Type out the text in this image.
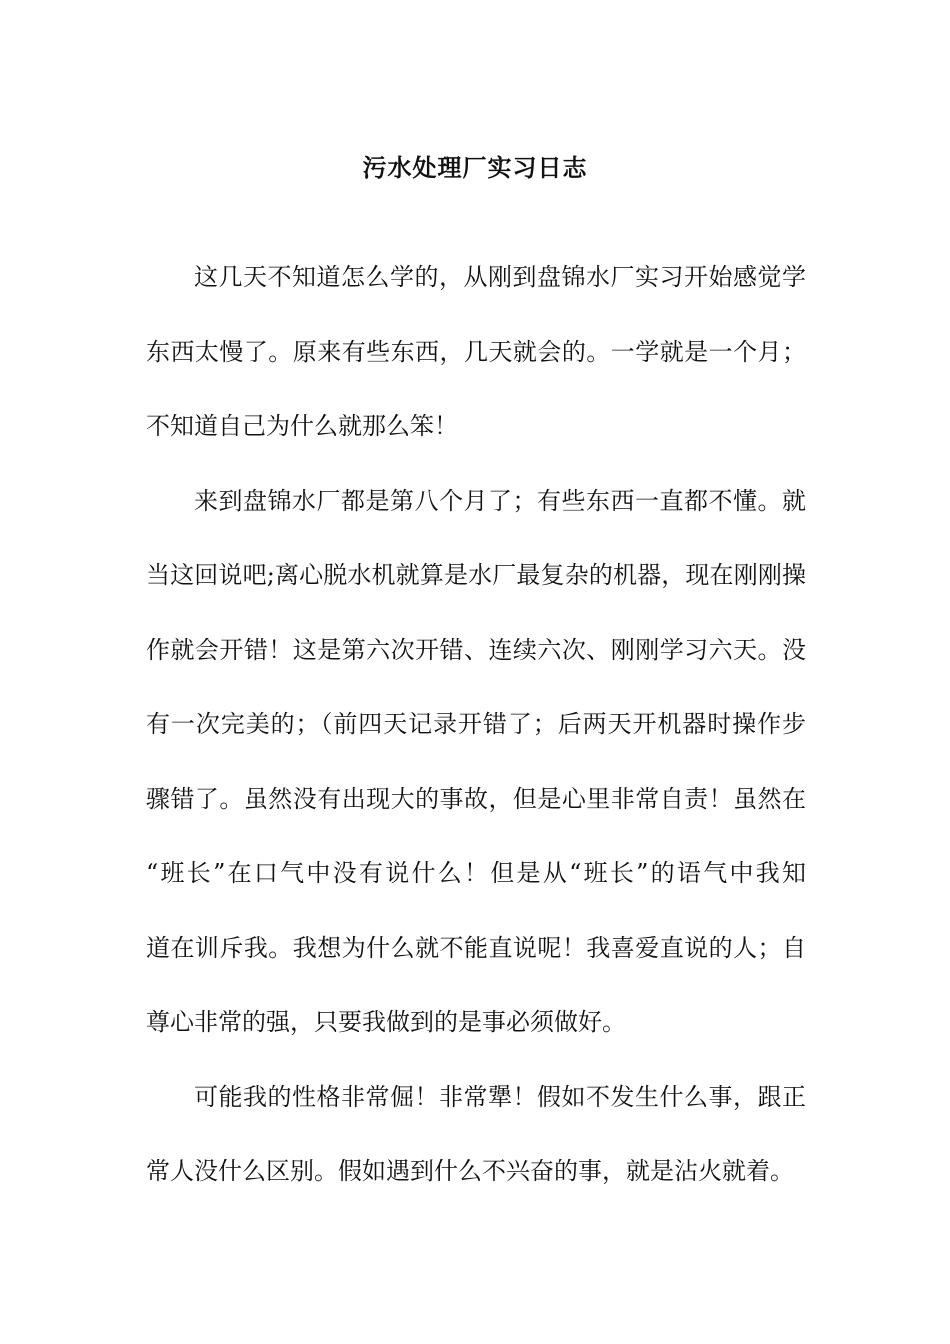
污水处理厂实习日志
这几天不知道怎么学的，从刚到盘锦水厂实习开始感觉学
东西太慢了。原来有些东西，几天就会的。一学就是一个月；
不知道自己为什么就那么笨！
来到盘锦水厂都是第八个月了；有些东西一直都不懂。就
当这回说吧;离心脱水机就算是水厂最复杂的机器，现在刚刚操
作就会开错！这是第六次开错、连续六次、刚刚学习六天。没
有一次完美的；（前四天记录开错了；后两天开机器时操作步
骤错了。虽然没有出现大的事故，但是心里非常自责！虽然在
“班长”在口气中没有说什么！但是从“班长”的语气中我知
道在训斥我。我想为什么就不能直说呢！我喜爱直说的人；自
尊心非常的强，只要我做到的是事必须做好。
可能我的性格非常倔！非常犟！假如不发生什么事，跟正
常人没什么区别。假如遇到什么不兴奋的事，就是沾火就着。
